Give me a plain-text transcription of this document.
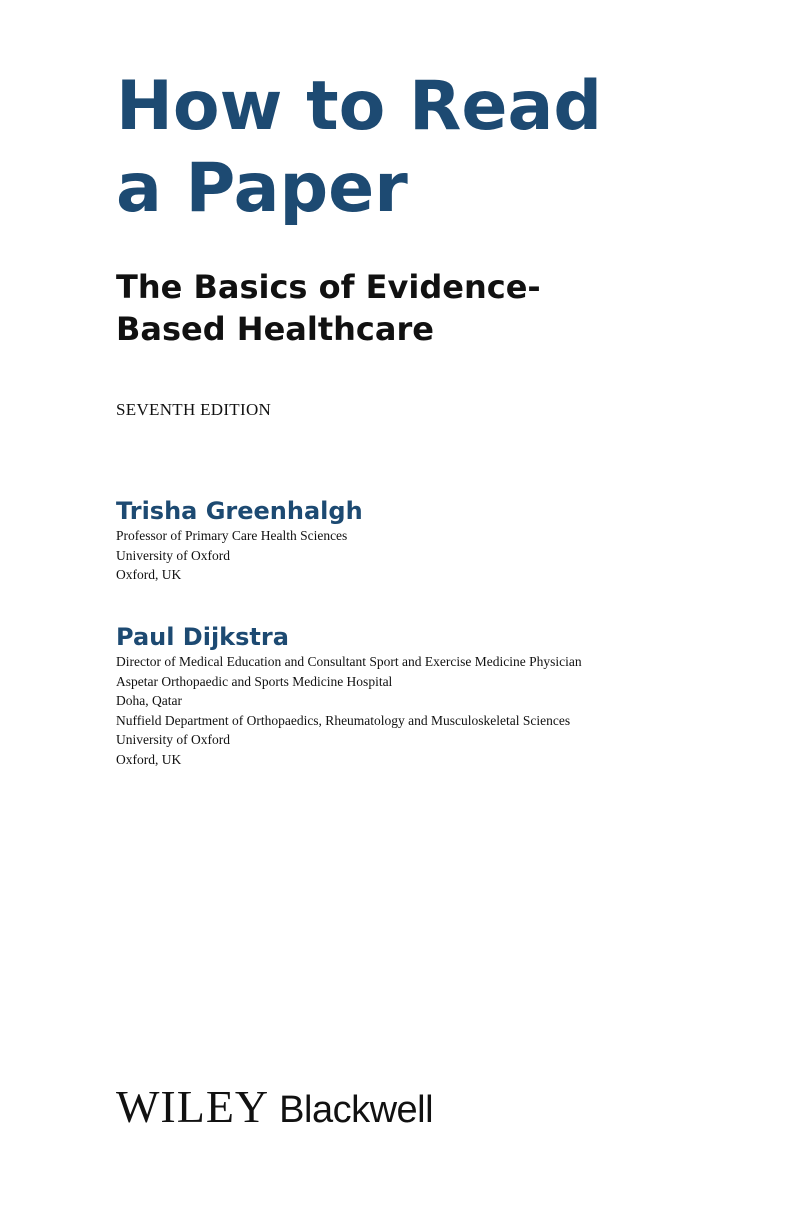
How to Read
a Paper
The Basics of Evidence-
Based Healthcare
SEVENTH EDITION
Trisha Greenhalgh
Professor of Primary Care Health Sciences
University of Oxford
Oxford, UK
Paul Dijkstra
Director of Medical Education and Consultant Sport and Exercise Medicine Physician
Aspetar Orthopaedic and Sports Medicine Hospital
Doha, Qatar
Nuffield Department of Orthopaedics, Rheumatology and Musculoskeletal Sciences
University of Oxford
Oxford, UK
WILEY Blackwell
